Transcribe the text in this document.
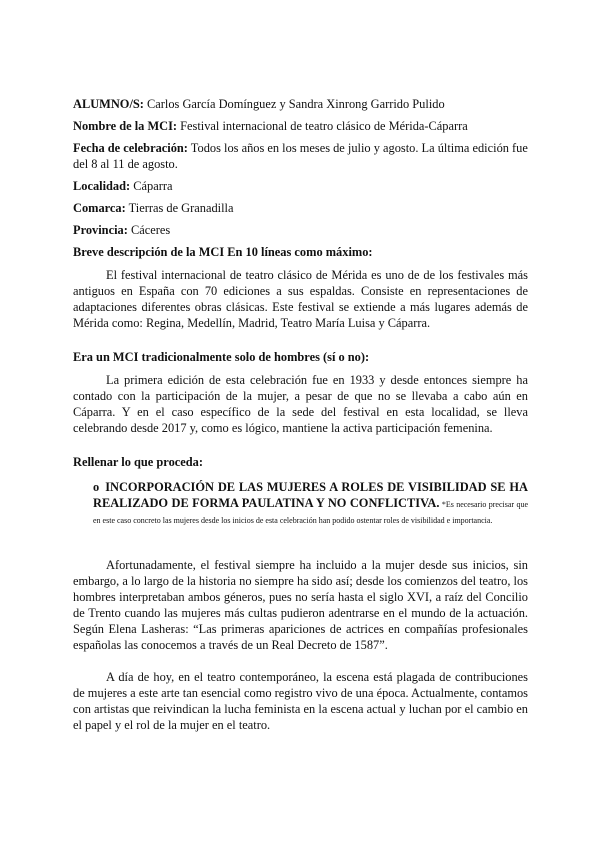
ALUMNO/S: Carlos García Domínguez y Sandra Xinrong Garrido Pulido

Nombre de la MCI: Festival internacional de teatro clásico de Mérida-Cáparra

Fecha de celebración: Todos los años en los meses de julio y agosto. La última edición fue del 8 al 11 de agosto.

Localidad: Cáparra

Comarca: Tierras de Granadilla

Provincia: Cáceres

Breve descripción de la MCI En 10 líneas como máximo:

El festival internacional de teatro clásico de Mérida es uno de de los festivales más antiguos en España con 70 ediciones a sus espaldas. Consiste en representaciones de adaptaciones diferentes obras clásicas. Este festival se extiende a más lugares además de Mérida como: Regina, Medellín, Madrid, Teatro María Luisa y Cáparra.

Era un MCI tradicionalmente solo de hombres (sí o no):

La primera edición de esta celebración fue en 1933 y desde entonces siempre ha contado con la participación de la mujer, a pesar de que no se llevaba a cabo aún en Cáparra. Y en el caso específico de la sede del festival en esta localidad, se lleva celebrando desde 2017 y, como es lógico, mantiene la activa participación femenina.

Rellenar lo que proceda:

o INCORPORACIÓN DE LAS MUJERES A ROLES DE VISIBILIDAD SE HA REALIZADO DE FORMA PAULATINA Y NO CONFLICTIVA. *Es necesario precisar que en este caso concreto las mujeres desde los inicios de esta celebración han podido ostentar roles de visibilidad e importancia.

Afortunadamente, el festival siempre ha incluido a la mujer desde sus inicios, sin embargo, a lo largo de la historia no siempre ha sido así; desde los comienzos del teatro, los hombres interpretaban ambos géneros, pues no sería hasta el siglo XVI, a raíz del Concilio de Trento cuando las mujeres más cultas pudieron adentrarse en el mundo de la actuación. Según Elena Lasheras: “Las primeras apariciones de actrices en compañías profesionales españolas las conocemos a través de un Real Decreto de 1587”.

A día de hoy, en el teatro contemporáneo, la escena está plagada de contribuciones de mujeres a este arte tan esencial como registro vivo de una época. Actualmente, contamos con artistas que reivindican la lucha feminista en la escena actual y luchan por el cambio en el papel y el rol de la mujer en el teatro.
